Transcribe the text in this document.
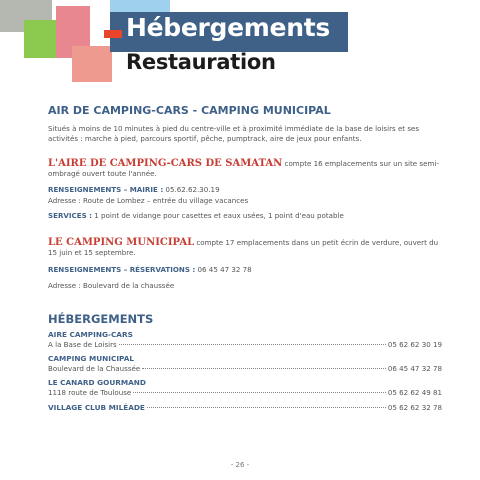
Hébergements
Restauration
AIR DE CAMPING-CARS - CAMPING MUNICIPAL
Situés à moins de 10 minutes à pied du centre-ville et à proximité immédiate de la base de loisirs et ses activités : marche à pied, parcours sportif, pêche, pumptrack, aire de jeux pour enfants.
L'AIRE DE CAMPING-CARS DE SAMATAN compte 16 emplacements sur un site semi-ombragé ouvert toute l'année.
RENSEIGNEMENTS – MAIRIE : 05.62.62.30.19
Adresse : Route de Lombez – entrée du village vacances
SERVICES : 1 point de vidange pour casettes et eaux usées, 1 point d'eau potable
LE CAMPING MUNICIPAL compte 17 emplacements dans un petit écrin de verdure, ouvert du 15 juin et 15 septembre.
RENSEIGNEMENTS – RÉSERVATIONS : 06 45 47 32 78
Adresse : Boulevard de la chaussée
HÉBERGEMENTS
AIRE CAMPING-CARS
A la Base de Loisirs	05 62 62 30 19
CAMPING MUNICIPAL
Boulevard de la Chaussée	06 45 47 32 78
LE CANARD GOURMAND
1118 route de Toulouse	05 62 62 49 81
VILLAGE CLUB MILÉADE	05 62 62 32 78
- 26 -
